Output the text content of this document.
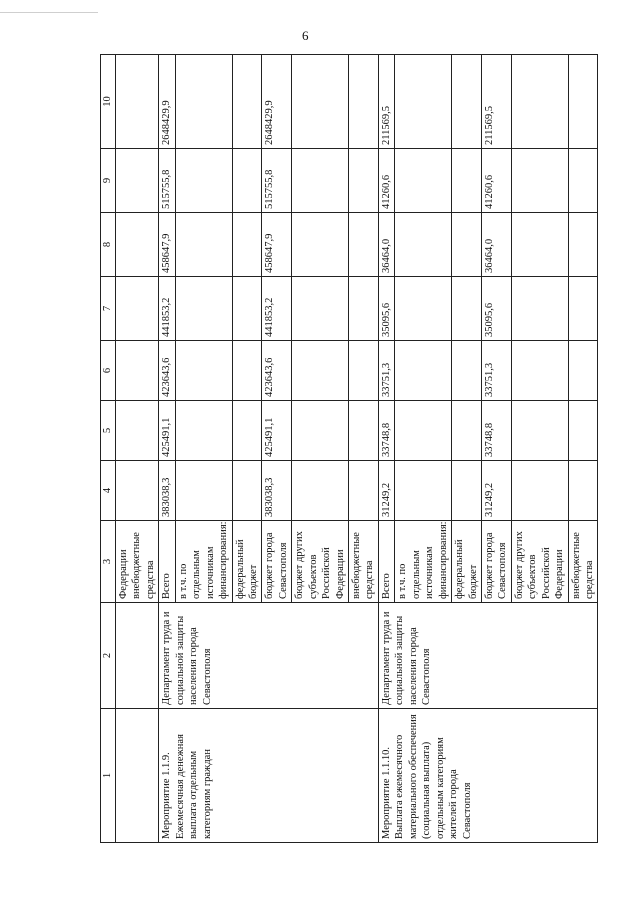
6
1	2	3	4	5	6	7	8	9	10

		Федерации внебюджетные средства							

Мероприятие 1.1.9. Ежемесячная денежная выплата отдельным категориям граждан	Департамент труда и социальной защиты населения города Севастополя	Всего	383038,3	425491,1	423643,6	441853,2	458647,9	515755,8	2648429,9
		в т.ч. по отдельным источникам финансирования:							
		федеральный бюджет							
		бюджет города Севастополя	383038,3	425491,1	423643,6	441853,2	458647,9	515755,8	2648429,9
		бюджет других субъектов Российской Федерации							
		внебюджетные средства							
Мероприятие 1.1.10. Выплата ежемесячного материального обеспечения (социальная выплата) отдельным категориям жителей города Севастополя	Департамент труда и социальной защиты населения города Севастополя	Всего	31249,2	33748,8	33751,3	35095,6	36464,0	41260,6	211569,5
		в т.ч. по отдельным источникам финансирования:							
		федеральный бюджет							
		бюджет города Севастополя	31249,2	33748,8	33751,3	35095,6	36464,0	41260,6	211569,5
		бюджет других субъектов Российской Федерации							
		внебюджетные средства							
